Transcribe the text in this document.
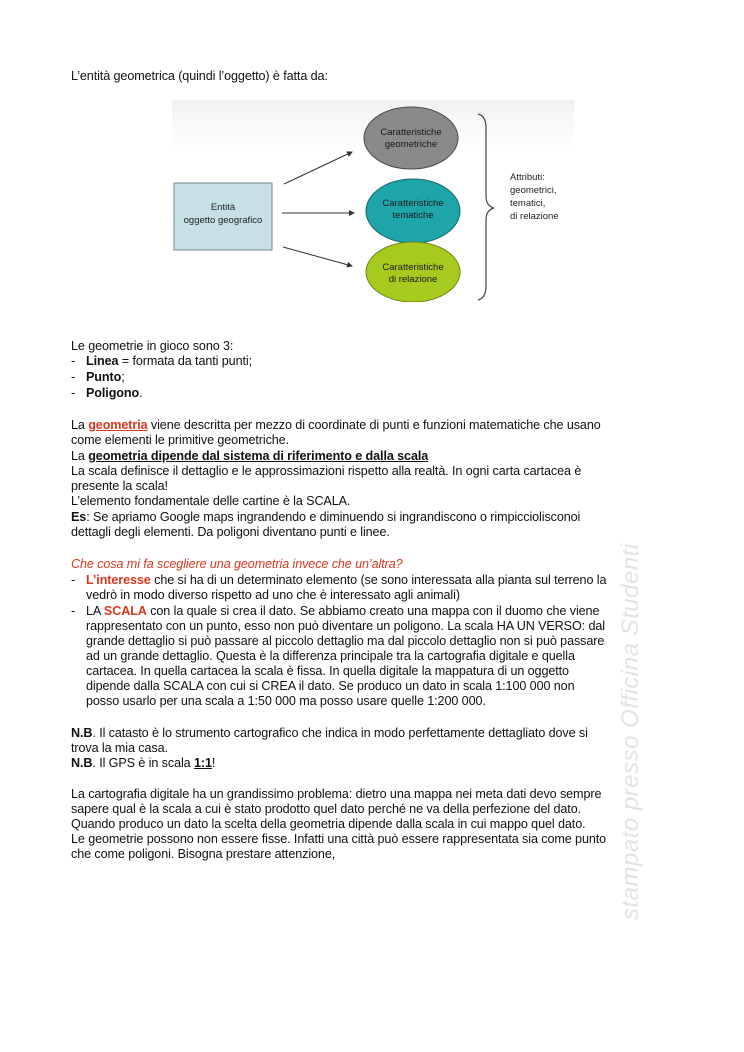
L’entità geometrica (quindi l’oggetto) è fatta da:
Entità
oggetto geografico
Caratteristiche
geometriche
Caratteristiche
tematiche
Caratteristiche
di relazione
Attributi:
geometrici,
tematici,
di relazione
Le geometrie in gioco sono 3:
- Linea = formata da tanti punti;
- Punto;
- Poligono.
La geometria viene descritta per mezzo di coordinate di punti e funzioni matematiche che usano
come elementi le primitive geometriche.
La geometria dipende dal sistema di riferimento e dalla scala
La scala definisce il dettaglio e le approssimazioni rispetto alla realtà. In ogni carta cartacea è
presente la scala!
L’elemento fondamentale delle cartine è la SCALA.
Es: Se apriamo Google maps ingrandendo e diminuendo si ingrandiscono o rimpicciolisconoi
dettagli degli elementi. Da poligoni diventano punti e linee.
Che cosa mi fa scegliere una geometria invece che un’altra?
- L’interesse che si ha di un determinato elemento (se sono interessata alla pianta sul terreno la
vedrò in modo diverso rispetto ad uno che è interessato agli animali)
- LA SCALA con la quale si crea il dato. Se abbiamo creato una mappa con il duomo che viene
rappresentato con un punto, esso non può diventare un poligono. La scala HA UN VERSO: dal
grande dettaglio si può passare al piccolo dettaglio ma dal piccolo dettaglio non si può passare
ad un grande dettaglio. Questa è la differenza principale tra la cartografia digitale e quella
cartacea. In quella cartacea la scala è fissa. In quella digitale la mappatura di un oggetto
dipende dalla SCALA con cui si CREA il dato. Se produco un dato in scala 1:100 000 non
posso usarlo per una scala a 1:50 000 ma posso usare quelle 1:200 000.
N.B. Il catasto è lo strumento cartografico che indica in modo perfettamente dettagliato dove si
trova la mia casa.
N.B. Il GPS è in scala 1:1!
La cartografia digitale ha un grandissimo problema: dietro una mappa nei meta dati devo sempre
sapere qual è la scala a cui è stato prodotto quel dato perché ne va della perfezione del dato.
Quando produco un dato la scelta della geometria dipende dalla scala in cui mappo quel dato.
Le geometrie possono non essere fisse. Infatti una città può essere rappresentata sia come punto
che come poligoni. Bisogna prestare attenzione,	stampato presso Officina Studenti
